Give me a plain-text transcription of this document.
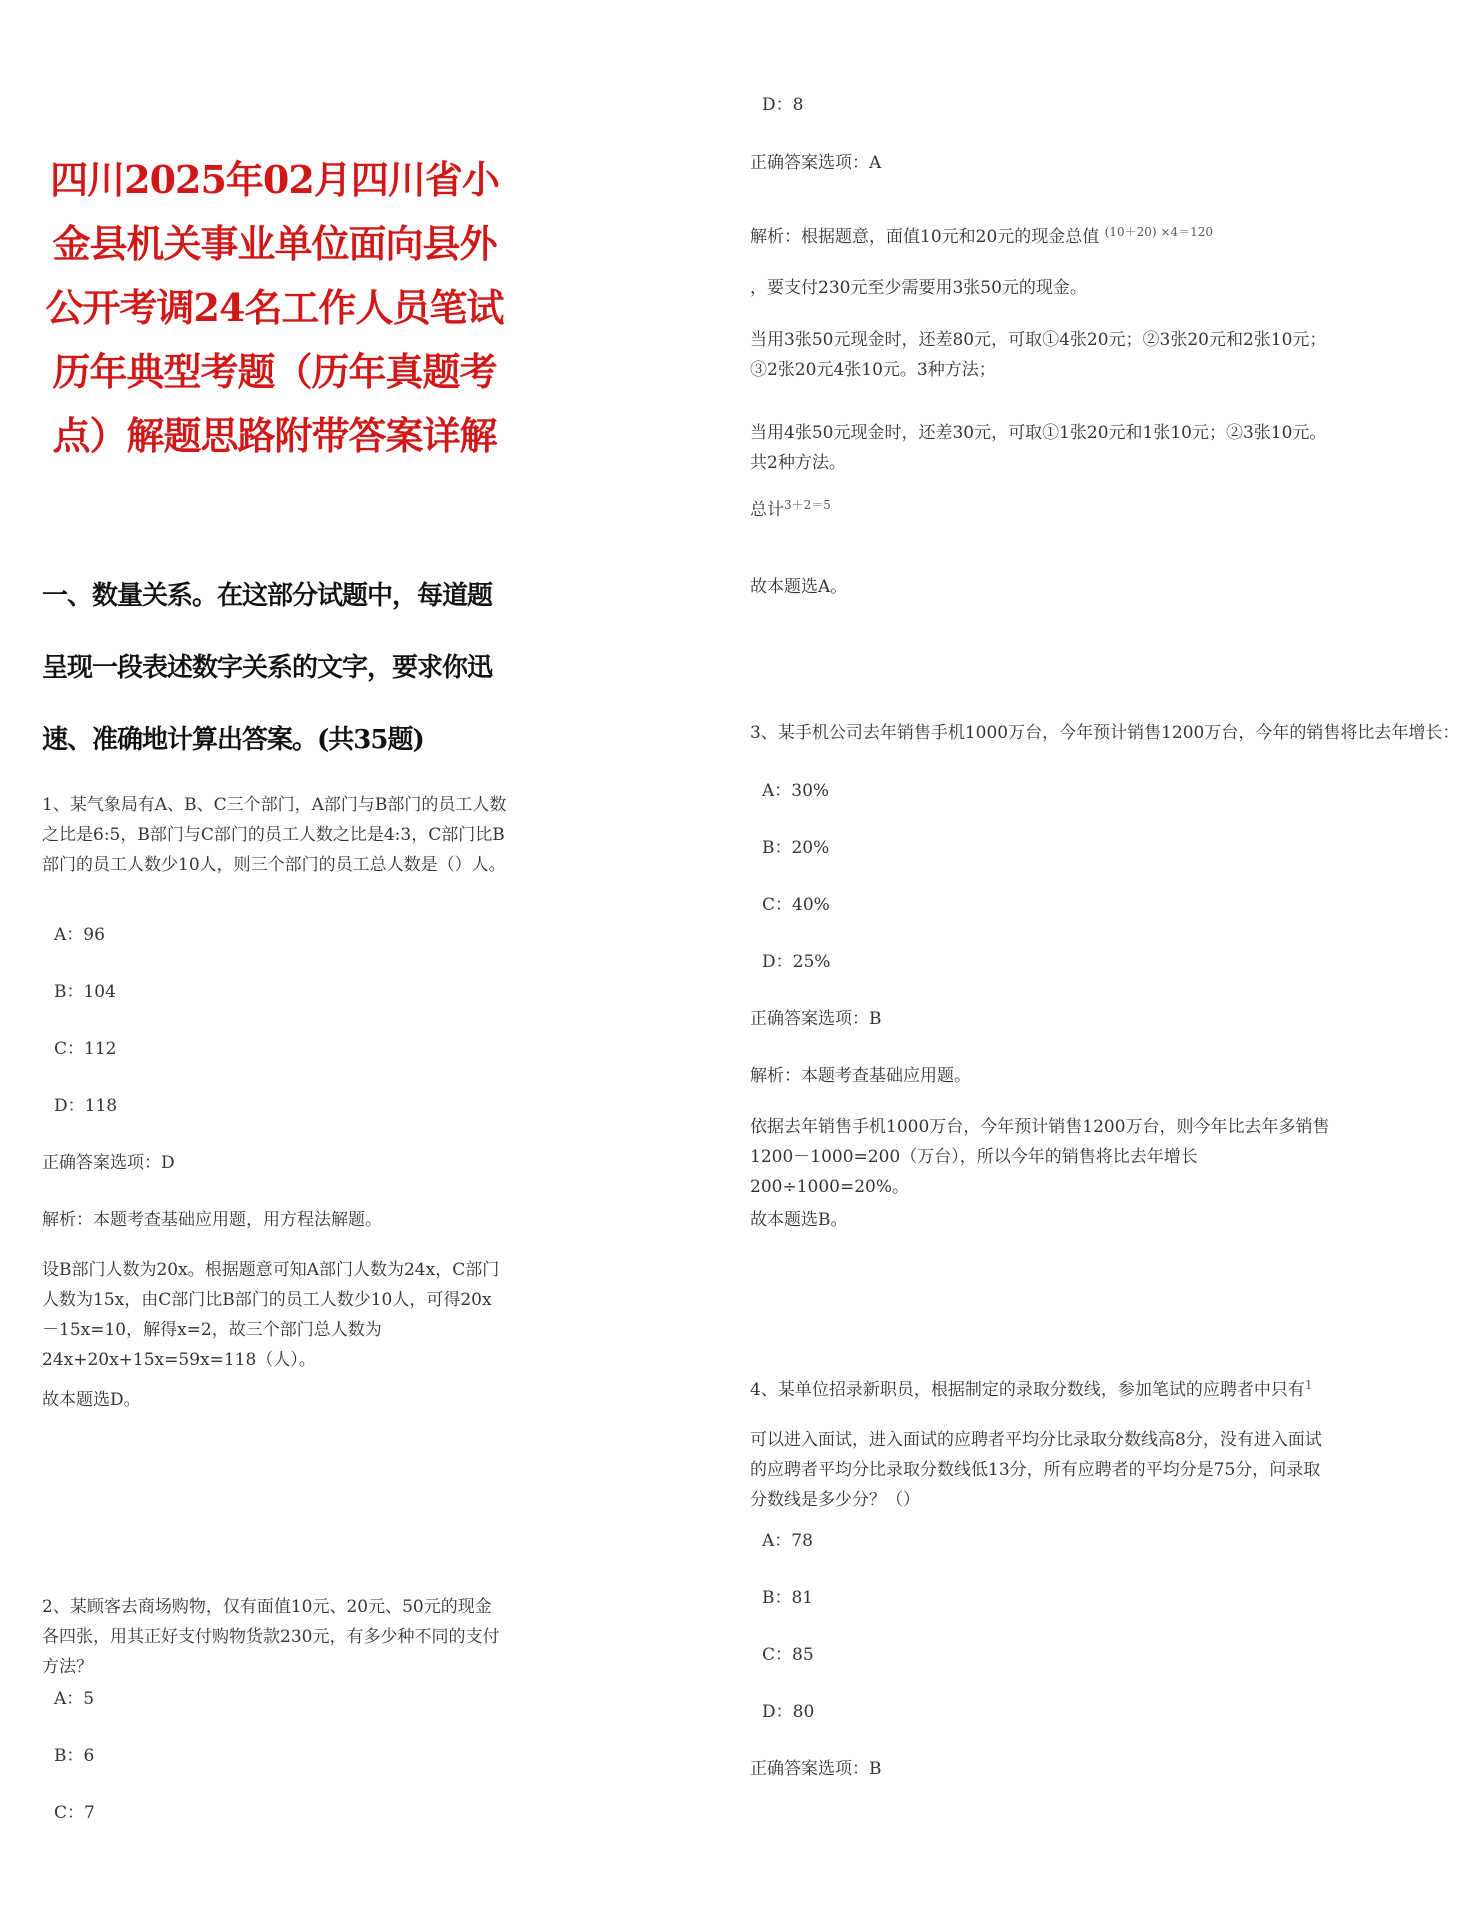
四川2025年02月四川省小金县机关事业单位面向县外公开考调24名工作人员笔试历年典型考题（历年真题考点）解题思路附带答案详解
一、数量关系。在这部分试题中，每道题呈现一段表述数字关系的文字，要求你迅速、准确地计算出答案。(共35题)

1、某气象局有A、B、C三个部门，A部门与B部门的员工人数之比是6:5，B部门与C部门的员工人数之比是4:3，C部门比B部门的员工人数少10人，则三个部门的员工总人数是（）人。

A：96

B：104

C：112

D：118

正确答案选项：D

解析：本题考查基础应用题，用方程法解题。

设B部门人数为20x。根据题意可知A部门人数为24x，C部门人数为15x，由C部门比B部门的员工人数少10人，可得20x－15x=10，解得x=2，故三个部门总人数为24x+20x+15x=59x=118（人）。

故本题选D。

2、某顾客去商场购物，仅有面值10元、20元、50元的现金各四张，用其正好支付购物货款230元，有多少种不同的支付方法？

A：5

B：6

C：7

D：8

正确答案选项：A

解析：根据题意，面值10元和20元的现金总值 $^{(10+20) \times 4=120}$

，要支付230元至少需要用3张50元的现金。

当用3张50元现金时，还差80元，可取①4张20元；②3张20元和2张10元；③2张20元4张10元。3种方法；

当用4张50元现金时，还差30元，可取①1张20元和1张10元；②3张10元。共2种方法。

总计$^{3+2=5}$

故本题选A。

3、某手机公司去年销售手机1000万台，今年预计销售1200万台，今年的销售将比去年增长：

A：30%

B：20%

C：40%

D：25%

正确答案选项：B

解析：本题考查基础应用题。

依据去年销售手机1000万台，今年预计销售1200万台，则今年比去年多销售1200－1000=200（万台），所以今年的销售将比去年增长200÷1000=20%。

故本题选B。

4、某单位招录新职员，根据制定的录取分数线，参加笔试的应聘者中只有$^1$

可以进入面试，进入面试的应聘者平均分比录取分数线高8分，没有进入面试的应聘者平均分比录取分数线低13分，所有应聘者的平均分是75分，问录取分数线是多少分？（）

A：78

B：81

C：85

D：80

正确答案选项：B
